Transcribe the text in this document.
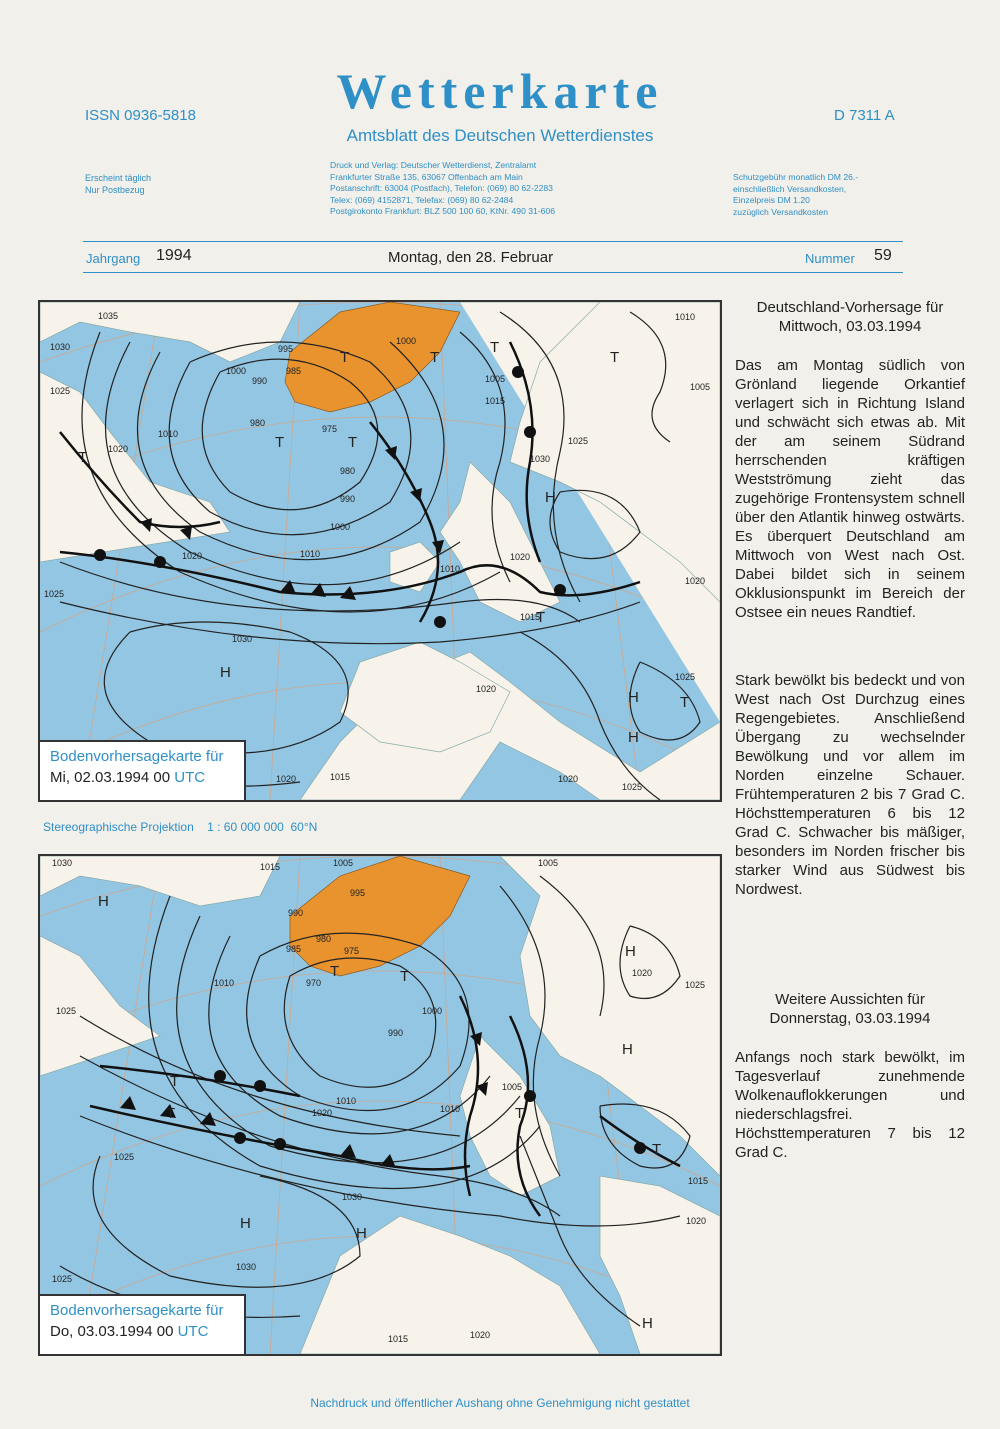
ISSN 0936-5818	Wetterkarte
Amtsblatt des Deutschen Wetterdienstes
D 7311 A
Erscheint täglich
Nur Postbezug
Druck und Verlag: Deutscher Wetterdienst, Zentralamt
Frankfurter Straße 135, 63067 Offenbach am Main
Postanschrift: 63004 (Postfach), Telefon: (069) 80 62-2283
Telex: (069) 4152871, Telefax: (069) 80 62-2484
Postgirokonto Frankfurt: BLZ 500 100 60, KtNr. 490 31-606
Schutzgebühr monatlich DM 26.-
einschließlich Versandkosten,
Einzelpreis DM 1.20
zuzüglich Versandkosten
Jahrgang 1994	Montag, den 28. Februar	Nummer 59
T
T
T	T
T
T
T
T
T
H
H
H
H
1035
1030
1025
1020
1010
1000
990
985
980
975
995
1000
1005
1015
1025
1030
1020
1010
990
980
1000
1010
1020
1030
1025
1020
1015
1025
1020	1015	1020
1025
1010
1005
1020
Bodenvorhersagekarte für
Mi, 02.03.1994 00 UTC
Stereographische Projektion    1 : 60 000 000  60°N
H
T	T
T
T	T
T
H
H
H
H
H
1030	1015	1005
995
990
985
980
975
970
1010
1025
1005
1020
1025
990
1000
1010
1020
1025
1030
1030
1005
1010
1015	1020
1015
1020
1025
Bodenvorhersagekarte für
Do, 03.03.1994 00 UTC
Deutschland-Vorhersage für Mittwoch, 03.03.1994
Das am Montag südlich von Grönland liegende Orkantief verlagert sich in Richtung Island und schwächt sich etwas ab. Mit der am seinem Südrand herrschenden kräftigen Westströmung zieht das zugehörige Frontensystem schnell über den Atlantik hinweg ostwärts. Es überquert Deutschland am Mittwoch von West nach Ost. Dabei bildet sich in seinem Okklusionspunkt im Bereich der Ostsee ein neues Randtief.
Stark bewölkt bis bedeckt und von West nach Ost Durchzug eines Regengebietes. Anschließend Übergang zu wechselnder Bewölkung und vor allem im Norden einzelne Schauer. Frühtemperaturen 2 bis 7 Grad C. Höchsttemperaturen 6 bis 12 Grad C. Schwacher bis mäßiger, besonders im Norden frischer bis starker Wind aus Südwest bis Nordwest.
Weitere Aussichten für Donnerstag, 03.03.1994
Anfangs noch stark bewölkt, im Tagesverlauf zunehmende Wolkenauflokkerungen und niederschlagsfrei. Höchsttemperaturen 7 bis 12 Grad C.
Nachdruck und öffentlicher Aushang ohne Genehmigung nicht gestattet
